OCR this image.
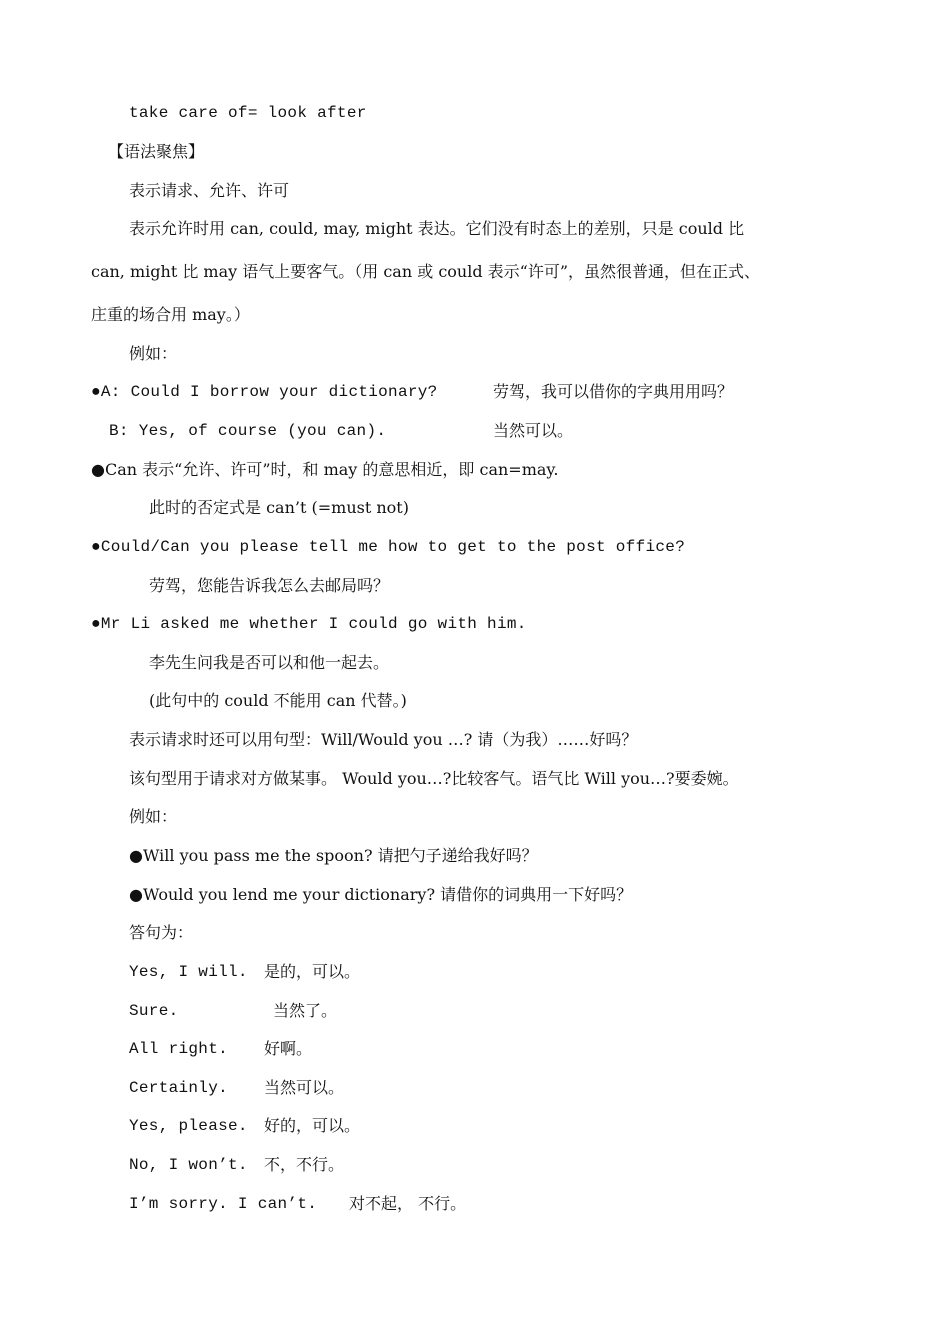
take care of= look after
【语法聚焦】
表示请求、允许、许可
表示允许时用 can, could, may, might 表达。它们没有时态上的差别，只是 could 比
can, might 比 may 语气上要客气。（用 can 或 could 表示“许可”，虽然很普通，但在正式、
庄重的场合用 may。）
例如：
●A: Could I borrow your dictionary?	劳驾，我可以借你的字典用用吗？
B: Yes, of course (you can).	当然可以。
●Can 表示“允许、许可”时，和 may 的意思相近，即 can=may.
此时的否定式是 can’t (=must not)
●Could/Can you please tell me how to get to the post office?
劳驾，您能告诉我怎么去邮局吗？
●Mr Li asked me whether I could go with him.
李先生问我是否可以和他一起去。
(此句中的 could 不能用 can 代替。)
表示请求时还可以用句型：Will/Would you …? 请（为我）……好吗？
该句型用于请求对方做某事。 Would you…?比较客气。语气比 Will you…?要委婉。
例如：
●Will you pass me the spoon? 请把勺子递给我好吗？
●Would you lend me your dictionary? 请借你的词典用一下好吗？
答句为：
Yes, I will. 是的，可以。
Sure.	当然了。
All right. 好啊。
Certainly. 当然可以。
Yes, please. 好的，可以。
No, I won’t. 不，不行。
I’m sorry. I can’t. 对不起， 不行。
